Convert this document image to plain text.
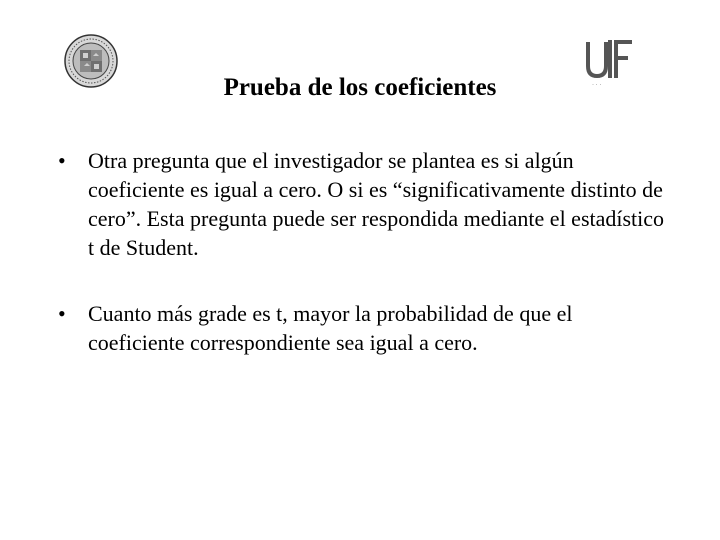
· · ·
Prueba de los coeficientes
• Otra pregunta que el investigador se plantea es si algún coeficiente es igual a cero. O si es “significativamente distinto de cero”. Esta pregunta puede ser respondida mediante el estadístico t de Student.
• Cuanto más grade es t, mayor la probabilidad de que el coeficiente correspondiente sea igual a cero.
